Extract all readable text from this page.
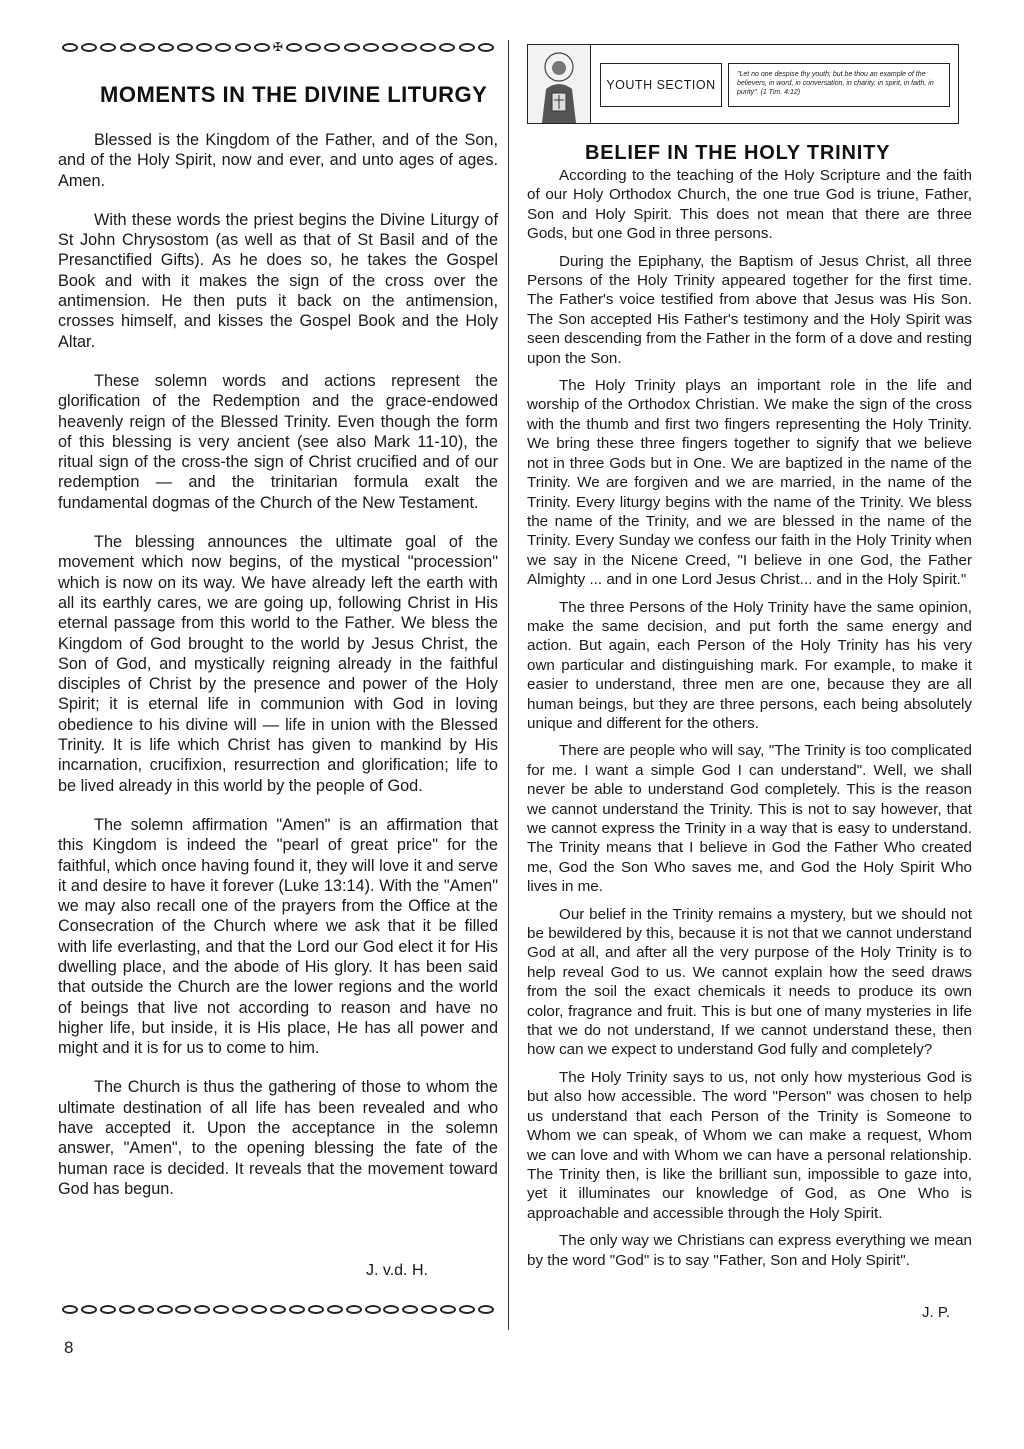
✠
MOMENTS IN THE DIVINE LITURGY

Blessed is the Kingdom of the Father, and of the Son, and of the Holy Spirit, now and ever, and unto ages of ages. Amen.

With these words the priest begins the Divine Liturgy of St John Chrysostom (as well as that of St Basil and of the Presanctified Gifts). As he does so, he takes the Gospel Book and with it makes the sign of the cross over the antimension. He then puts it back on the antimension, crosses himself, and kisses the Gospel Book and the Holy Altar.

These solemn words and actions represent the glorification of the Redemption and the grace-endowed heavenly reign of the Blessed Trinity. Even though the form of this blessing is very ancient (see also Mark 11-10), the ritual sign of the cross-the sign of Christ crucified and of our redemption — and the trinitarian formula exalt the fundamental dogmas of the Church of the New Testament.

The blessing announces the ultimate goal of the movement which now begins, of the mystical "procession" which is now on its way. We have already left the earth with all its earthly cares, we are going up, following Christ in His eternal passage from this world to the Father. We bless the Kingdom of God brought to the world by Jesus Christ, the Son of God, and mystically reigning already in the faithful disciples of Christ by the presence and power of the Holy Spirit; it is eternal life in communion with God in loving obedience to his divine will — life in union with the Blessed Trinity. It is life which Christ has given to mankind by His incarnation, crucifixion, resurrection and glorification; life to be lived already in this world by the people of God.

The solemn affirmation "Amen" is an affirmation that this Kingdom is indeed the "pearl of great price" for the faithful, which once having found it, they will love it and serve it and desire to have it forever (Luke 13:14). With the "Amen" we may also recall one of the prayers from the Office at the Consecration of the Church where we ask that it be filled with life everlasting, and that the Lord our God elect it for His dwelling place, and the abode of His glory. It has been said that outside the Church are the lower regions and the world of beings that live not according to reason and have no higher life, but inside, it is His place, He has all power and might and it is for us to come to him.

The Church is thus the gathering of those to whom the ultimate destination of all life has been revealed and who have accepted it. Upon the acceptance in the solemn answer, "Amen", to the opening blessing the fate of the human race is decided. It reveals that the movement toward God has begun.

J. v.d. H.
8
YOUTH SECTION
"Let no one despise thy youth; but be thou an example of the believers, in word, in conversation, in charity, in spirit, in faith, in purity". (1 Tim. 4:12)
BELIEF IN THE HOLY TRINITY

According to the teaching of the Holy Scripture and the faith of our Holy Orthodox Church, the one true God is triune, Father, Son and Holy Spirit. This does not mean that there are three Gods, but one God in three persons.

During the Epiphany, the Baptism of Jesus Christ, all three Persons of the Holy Trinity appeared together for the first time. The Father's voice testified from above that Jesus was His Son. The Son accepted His Father's testimony and the Holy Spirit was seen descending from the Father in the form of a dove and resting upon the Son.

The Holy Trinity plays an important role in the life and worship of the Orthodox Christian. We make the sign of the cross with the thumb and first two fingers representing the Holy Trinity. We bring these three fingers together to signify that we believe not in three Gods but in One. We are baptized in the name of the Trinity. We are forgiven and we are married, in the name of the Trinity. Every liturgy begins with the name of the Trinity. We bless the name of the Trinity, and we are blessed in the name of the Trinity. Every Sunday we confess our faith in the Holy Trinity when we say in the Nicene Creed, "I believe in one God, the Father Almighty ... and in one Lord Jesus Christ... and in the Holy Spirit."

The three Persons of the Holy Trinity have the same opinion, make the same decision, and put forth the same energy and action. But again, each Person of the Holy Trinity has his very own particular and distinguishing mark. For example, to make it easier to understand, three men are one, because they are all human beings, but they are three persons, each being absolutely unique and different for the others.

There are people who will say, "The Trinity is too complicated for me. I want a simple God I can understand". Well, we shall never be able to understand God completely. This is the reason we cannot understand the Trinity. This is not to say however, that we cannot express the Trinity in a way that is easy to understand. The Trinity means that I believe in God the Father Who created me, God the Son Who saves me, and God the Holy Spirit Who lives in me.

Our belief in the Trinity remains a mystery, but we should not be bewildered by this, because it is not that we cannot understand God at all, and after all the very purpose of the Holy Trinity is to help reveal God to us. We cannot explain how the seed draws from the soil the exact chemicals it needs to produce its own color, fragrance and fruit. This is but one of many mysteries in life that we do not understand, If we cannot understand these, then how can we expect to understand God fully and completely?

The Holy Trinity says to us, not only how mysterious God is but also how accessible. The word "Person" was chosen to help us understand that each Person of the Trinity is Someone to Whom we can speak, of Whom we can make a request, Whom we can love and with Whom we can have a personal relationship. The Trinity then, is like the brilliant sun, impossible to gaze into, yet it illuminates our knowledge of God, as One Who is approachable and accessible through the Holy Spirit.

The only way we Christians can express everything we mean by the word "God" is to say "Father, Son and Holy Spirit".

J. P.
